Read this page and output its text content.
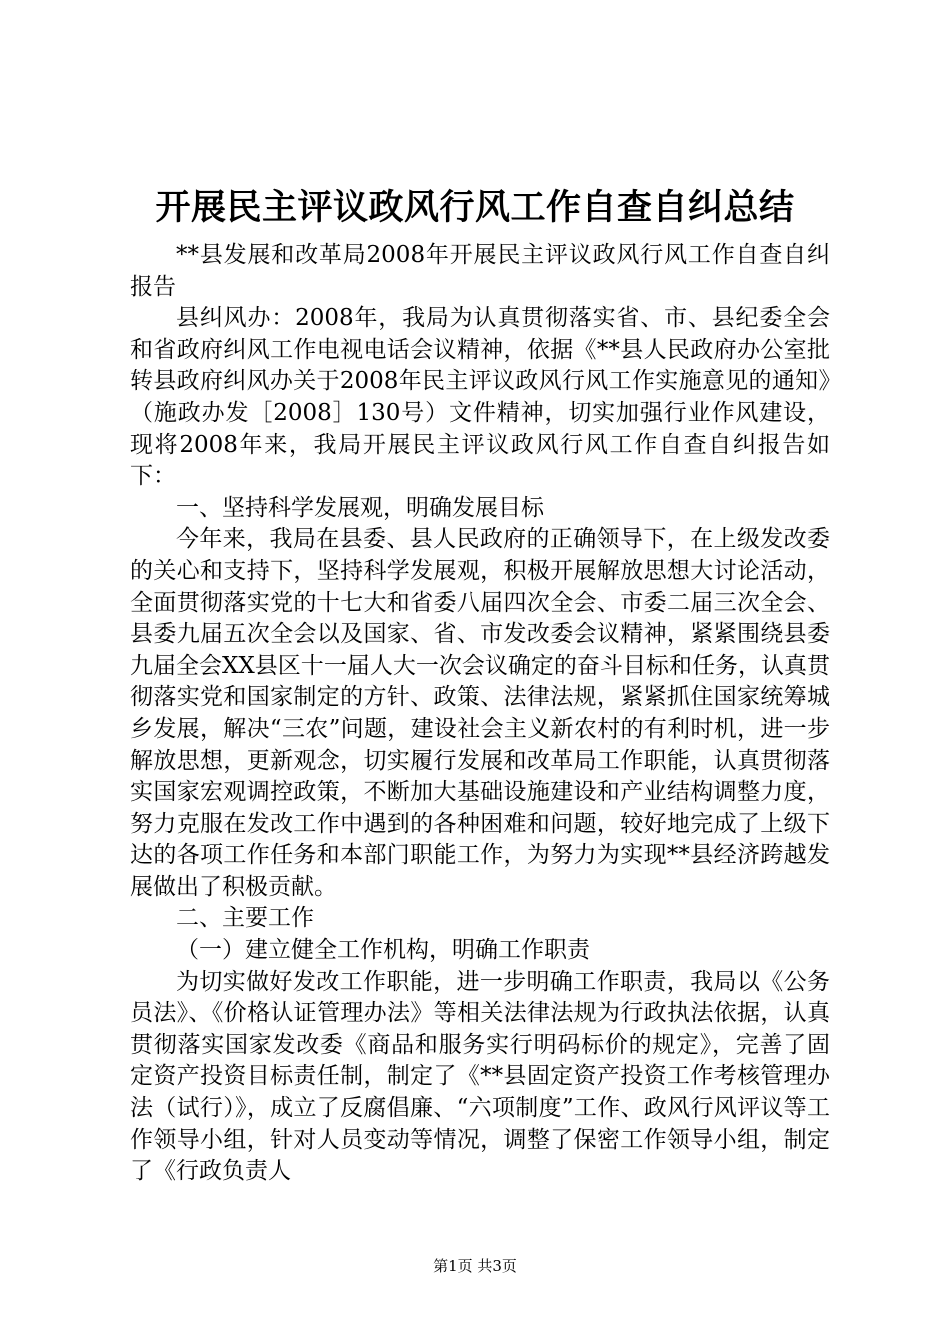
开展民主评议政风行风工作自查自纠总结

**县发展和改革局2008年开展民主评议政风行风工作自查自纠报告

县纠风办：2008年，我局为认真贯彻落实省、市、县纪委全会和省政府纠风工作电视电话会议精神，依据《**县人民政府办公室批转县政府纠风办关于2008年民主评议政风行风工作实施意见的通知》（施政办发［2008］130号）文件精神，切实加强行业作风建设，现将2008年来，我局开展民主评议政风行风工作自查自纠报告如下：

一、坚持科学发展观，明确发展目标

今年来，我局在县委、县人民政府的正确领导下，在上级发改委的关心和支持下，坚持科学发展观，积极开展解放思想大讨论活动，全面贯彻落实党的十七大和省委八届四次全会、市委二届三次全会、县委九届五次全会以及国家、省、市发改委会议精神，紧紧围绕县委九届全会XX县区十一届人大一次会议确定的奋斗目标和任务，认真贯彻落实党和国家制定的方针、政策、法律法规，紧紧抓住国家统筹城乡发展，解决“三农”问题，建设社会主义新农村的有利时机，进一步解放思想，更新观念，切实履行发展和改革局工作职能，认真贯彻落实国家宏观调控政策，不断加大基础设施建设和产业结构调整力度，努力克服在发改工作中遇到的各种困难和问题，较好地完成了上级下达的各项工作任务和本部门职能工作，为努力为实现**县经济跨越发展做出了积极贡献。

二、主要工作

（一）建立健全工作机构，明确工作职责

为切实做好发改工作职能，进一步明确工作职责，我局以《公务员法》、《价格认证管理办法》等相关法律法规为行政执法依据，认真贯彻落实国家发改委《商品和服务实行明码标价的规定》，完善了固定资产投资目标责任制，制定了《**县固定资产投资工作考核管理办法（试行）》，成立了反腐倡廉、“六项制度”工作、政风行风评议等工作领导小组，针对人员变动等情况，调整了保密工作领导小组，制定了《行政负责人

第1页 共3页
